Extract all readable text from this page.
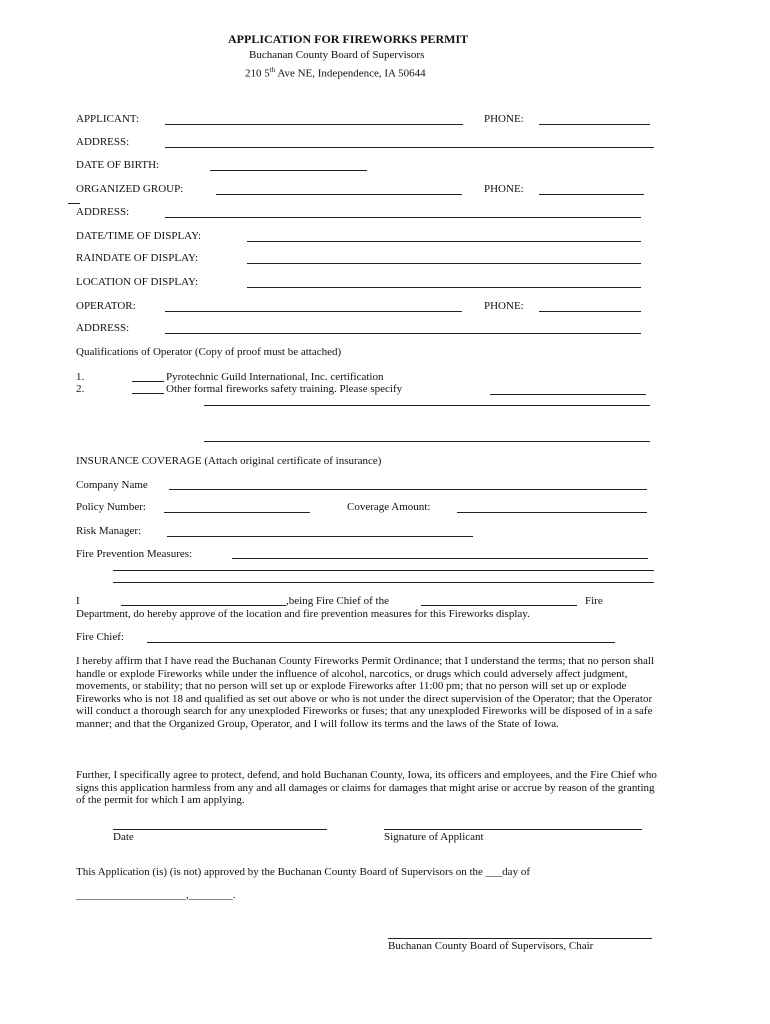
APPLICATION FOR FIREWORKS PERMIT
Buchanan County Board of Supervisors
210 5th Ave NE, Independence, IA 50644
APPLICANT:	PHONE:
ADDRESS:
DATE OF BIRTH:
ORGANIZED GROUP:	PHONE:
ADDRESS:
DATE/TIME OF DISPLAY:
RAINDATE OF DISPLAY:
LOCATION OF DISPLAY:
OPERATOR:	PHONE:
ADDRESS:
Qualifications of Operator (Copy of proof must be attached)
1.	Pyrotechnic Guild International, Inc. certification
2.	Other formal fireworks safety training. Please specify
INSURANCE COVERAGE (Attach original certificate of insurance)
Company Name
Policy Number:	Coverage Amount:
Risk Manager:
Fire Prevention Measures:
I	,being Fire Chief of the	Fire
Department, do hereby approve of the location and fire prevention measures for this Fireworks display.
Fire Chief:
I hereby affirm that I have read the Buchanan County Fireworks Permit Ordinance; that I understand the terms; that no person shall handle or explode Fireworks while under the influence of alcohol, narcotics, or drugs which could adversely affect judgment, movements, or stability; that no person will set up or explode Fireworks after 11:00 pm; that no person will set up or explode Fireworks who is not 18 and qualified as set out above or who is not under the direct supervision of the Operator; that the Operator will conduct a thorough search for any unexploded Fireworks or fuses; that any unexploded Fireworks will be disposed of in a safe manner; and that the Organized Group, Operator, and I will follow its terms and the laws of the State of Iowa.
Further, I specifically agree to protect, defend, and hold Buchanan County, Iowa, its officers and employees, and the Fire Chief who signs this application harmless from any and all damages or claims for damages that might arise or accrue by reason of the granting of the permit for which I am applying.
Date	Signature of Applicant
This Application (is) (is not) approved by the Buchanan County Board of Supervisors on the ___day of
____________________,________.
Buchanan County Board of Supervisors, Chair
